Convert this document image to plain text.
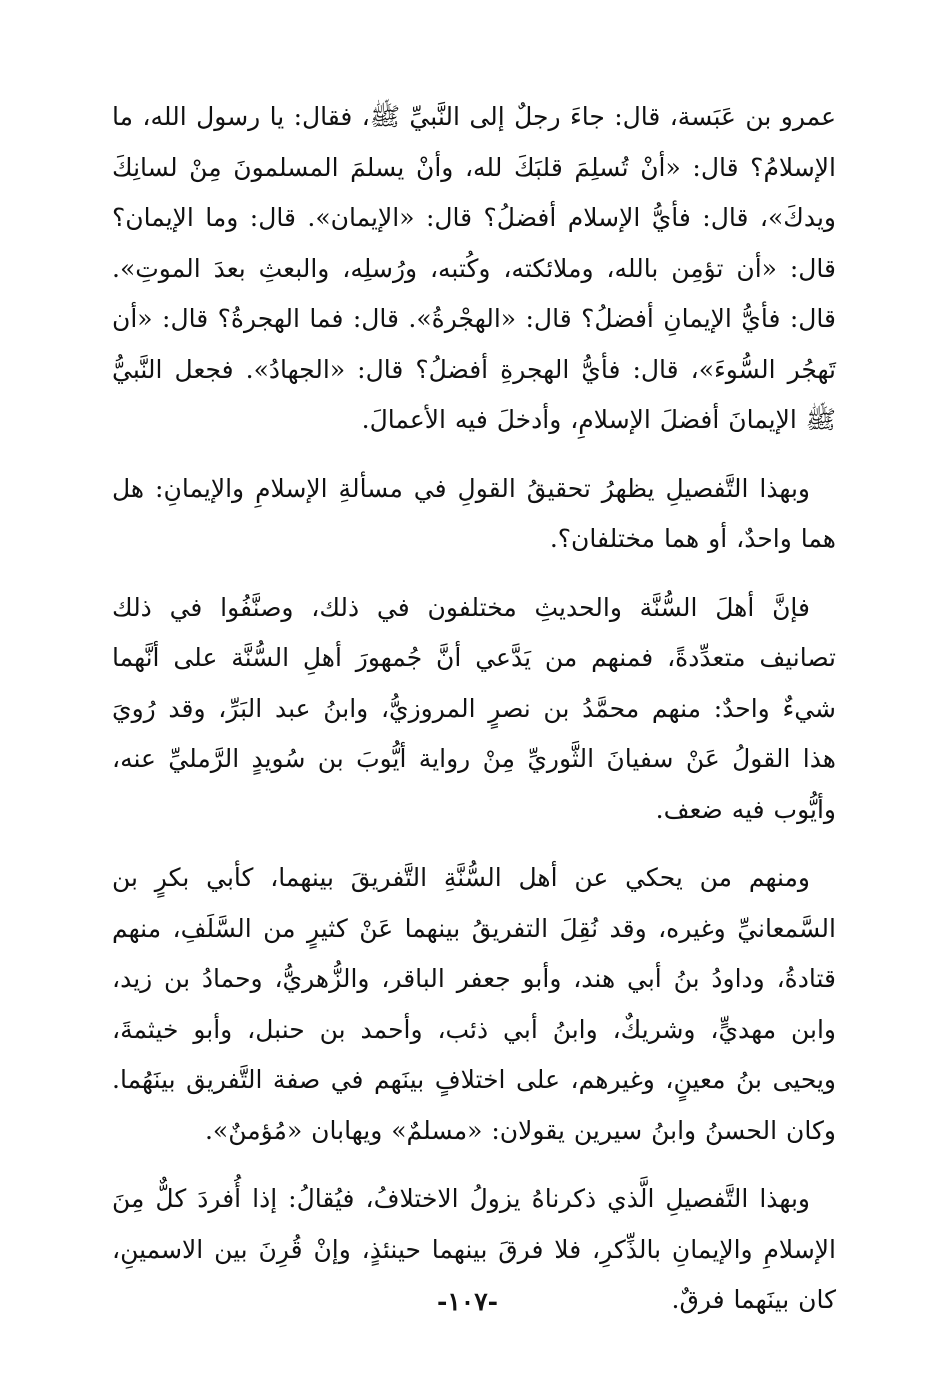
عمرو بن عَبَسة، قال: جاءَ رجلٌ إلى النَّبيِّ ﷺ، فقال: يا رسول الله، ما الإسلامُ؟ قال: «أنْ تُسلِمَ قلبَكَ لله، وأنْ يسلمَ المسلمونَ مِنْ لسانِكَ ويدكَ»، قال: فأيُّ الإسلام أفضلُ؟ قال: «الإيمان». قال: وما الإيمان؟ قال: «أن تؤمِن بالله، وملائكته، وكُتبه، ورُسلِه، والبعثِ بعدَ الموتِ». قال: فأيُّ الإيمانِ أفضلُ؟ قال: «الهجْرةُ». قال: فما الهجرةُ؟ قال: «أن تَهجُر السُّوءَ»، قال: فأيُّ الهجرةِ أفضلُ؟ قال: «الجهادُ». فجعل النَّبيُّ ﷺ الإيمانَ أفضلَ الإسلامِ، وأدخلَ فيه الأعمالَ.

وبهذا التَّفصيلِ يظهرُ تحقيقُ القولِ في مسألةِ الإسلامِ والإيمانِ: هل هما واحدٌ، أو هما مختلفان؟.

فإنَّ أهلَ السُّنَّة والحديثِ مختلفون في ذلك، وصنَّفُوا في ذلك تصانيف متعدِّدةً، فمنهم من يَدَّعي أنَّ جُمهورَ أهلِ السُّنَّة على أنَّهما شيءٌ واحدٌ: منهم محمَّدُ بن نصرٍ المروزيُّ، وابنُ عبد البَرِّ، وقد رُويَ هذا القولُ عَنْ سفيانَ الثَّوريِّ مِنْ رواية أيُّوبَ بن سُويدٍ الرَّمليِّ عنه، وأيُّوب فيه ضعف.

ومنهم من يحكي عن أهل السُّنَّةِ التَّفريقَ بينهما، كأبي بكرٍ بن السَّمعانيِّ وغيره، وقد نُقِلَ التفريقُ بينهما عَنْ كثيرٍ من السَّلَفِ، منهم قتادةُ، وداودُ بنُ أبي هند، وأبو جعفر الباقر، والزُّهريُّ، وحمادُ بن زيد، وابن مهديٍّ، وشريكٌ، وابنُ أبي ذئب، وأحمد بن حنبل، وأبو خيثمةَ، ويحيى بنُ معينٍ، وغيرهم، على اختلافٍ بينَهم في صفة التَّفريق بينَهُما. وكان الحسنُ وابنُ سيرين يقولان: «مسلمٌ» ويهابان «مُؤمنٌ».

وبهذا التَّفصيلِ الَّذي ذكرناهُ يزولُ الاختلافُ، فيُقالُ: إذا أُفردَ كلٌّ مِنَ الإسلامِ والإيمانِ بالذِّكرِ، فلا فرقَ بينهما حينئذٍ، وإنْ قُرِنَ بين الاسمينِ، كان بينَهما فرقٌ.

-١٠٧-
